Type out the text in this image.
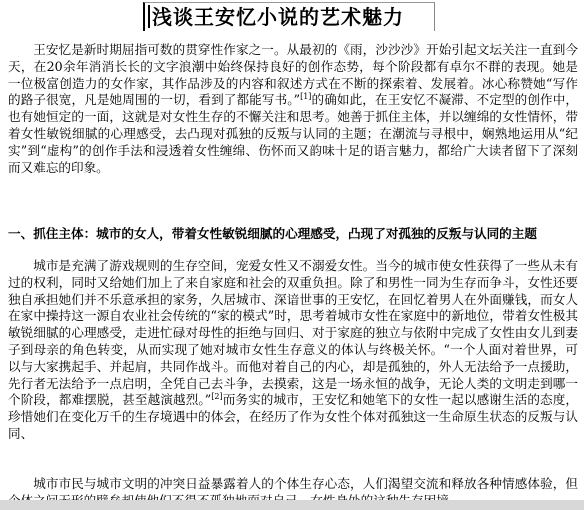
浅谈王安忆小说的艺术魅力

王安忆是新时期屈指可数的贯穿性作家之一。从最初的《雨，沙沙沙》开始引起文坛关注一直到今天，在20余年消消长长的文字浪潮中始终保持良好的创作态势，每个阶段都有卓尔不群的表现。她是一位极富创造力的女作家，其作品涉及的内容和叙述方式在不断的探索着、发展着。冰心称赞她“写作的路子很宽，凡是她周围的一切，看到了都能写书。”[1]的确如此，在王安忆不凝滞、不定型的创作中，也有她恒定的一面，这就是对女性生存的不懈关注和思考。她善于抓住主体，并以缠绵的女性情怀，带着女性敏锐细腻的心理感受，去凸现对孤独的反叛与认同的主题；在潮流与寻根中，娴熟地运用从“纪实”到“虚构”的创作手法和浸透着女性缠绵、伤怀而又韵味十足的语言魅力，都给广大读者留下了深刻而又难忘的印象。

一、抓住主体：城市的女人，带着女性敏锐细腻的心理感受，凸现了对孤独的反叛与认同的主题

城市是充满了游戏规则的生存空间，宠爱女性又不溺爱女性。当今的城市使女性获得了一些从未有过的权利，同时又给她们加上了来自家庭和社会的双重负担。除了和男性一同为生存而争斗，女性还要独自承担她们并不乐意承担的家务，久居城市、深谙世事的王安忆，在回忆着男人在外面赚钱，而女人在家中操持这一源自农业社会传统的“家的模式”时，思考着城市女性在家庭中的新地位，带着女性极其敏锐细腻的心理感受，走进忙碌对母性的拒绝与回归、对于家庭的独立与依附中完成了女性由女儿到妻子到母亲的角色转变，从而实现了她对城市女性生存意义的体认与终极关怀。“一个人面对着世界，可以与大家携起手、并起肩，共同作战斗。而他对着自己的内心，却是孤独的，外人无法给予一点援助，先行者无法给予一点启明，全凭自己去斗争，去摸索，这是一场永恒的战争，无论人类的文明走到哪一个阶段，都难摆脱，甚至越演越烈。”[2]而务实的城市，王安忆和她笔下的女性一起以感谢生活的态度，珍惜她们在变化万千的生存境遇中的体会，在经历了作为女性个体对孤独这一生命原生状态的反叛与认同、

城市市民与城市文明的冲突日益暴露着人的个体生存心态，人们渴望交流和释放各种情感体验，但
